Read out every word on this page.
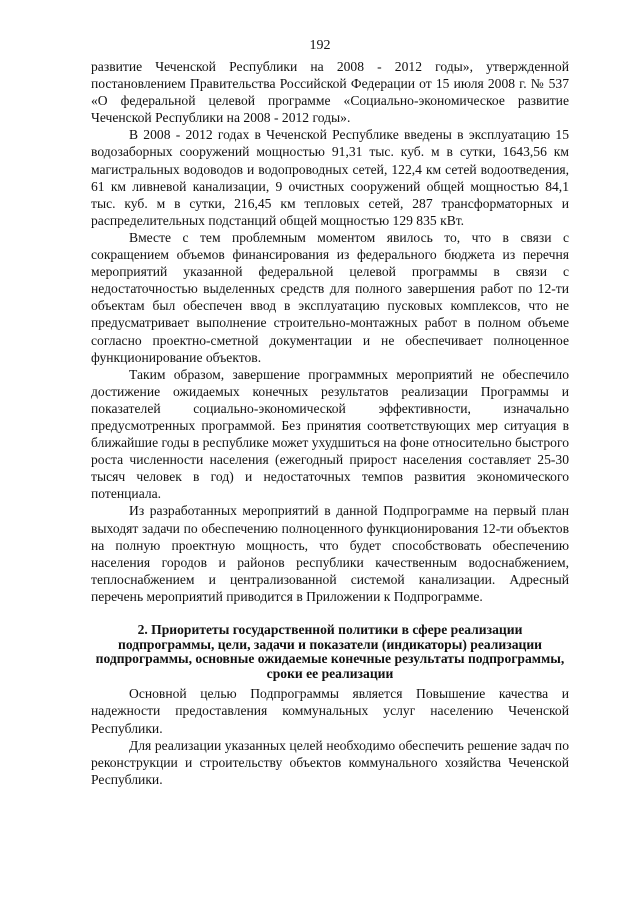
192

развитие Чеченской Республики на 2008 - 2012 годы», утвержденной постановлением Правительства Российской Федерации от 15 июля 2008 г. № 537 «О федеральной целевой программе «Социально-экономическое развитие Чеченской Республики на 2008 - 2012 годы».

В 2008 - 2012 годах в Чеченской Республике введены в эксплуатацию 15 водозаборных сооружений мощностью 91,31 тыс. куб. м в сутки, 1643,56 км магистральных водоводов и водопроводных сетей, 122,4 км сетей водоотведения, 61 км ливневой канализации, 9 очистных сооружений общей мощностью 84,1 тыс. куб. м в сутки, 216,45 км тепловых сетей, 287 трансформаторных и распределительных подстанций общей мощностью 129 835 кВт.

Вместе с тем проблемным моментом явилось то, что в связи с сокращением объемов финансирования из федерального бюджета из перечня мероприятий указанной федеральной целевой программы в связи с недостаточностью выделенных средств для полного завершения работ по 12-ти объектам был обеспечен ввод в эксплуатацию пусковых комплексов, что не предусматривает выполнение строительно-монтажных работ в полном объеме согласно проектно-сметной документации и не обеспечивает полноценное функционирование объектов.

Таким образом, завершение программных мероприятий не обеспечило достижение ожидаемых конечных результатов реализации Программы и показателей социально-экономической эффективности, изначально предусмотренных программой. Без принятия соответствующих мер ситуация в ближайшие годы в республике может ухудшиться на фоне относительно быстрого роста численности населения (ежегодный прирост населения составляет 25-30 тысяч человек в год) и недостаточных темпов развития экономического потенциала.

Из разработанных мероприятий в данной Подпрограмме на первый план выходят задачи по обеспечению полноценного функционирования 12-ти объектов на полную проектную мощность, что будет способствовать обеспечению населения городов и районов республики качественным водоснабжением, теплоснабжением и централизованной системой канализации. Адресный перечень мероприятий приводится в Приложении к Подпрограмме.

2. Приоритеты государственной политики в сфере реализации подпрограммы, цели, задачи и показатели (индикаторы) реализации подпрограммы, основные ожидаемые конечные результаты подпрограммы, сроки ее реализации

Основной целью Подпрограммы является Повышение качества и надежности предоставления коммунальных услуг населению Чеченской Республики.

Для реализации указанных целей необходимо обеспечить решение задач по реконструкции и строительству объектов коммунального хозяйства Чеченской Республики.
